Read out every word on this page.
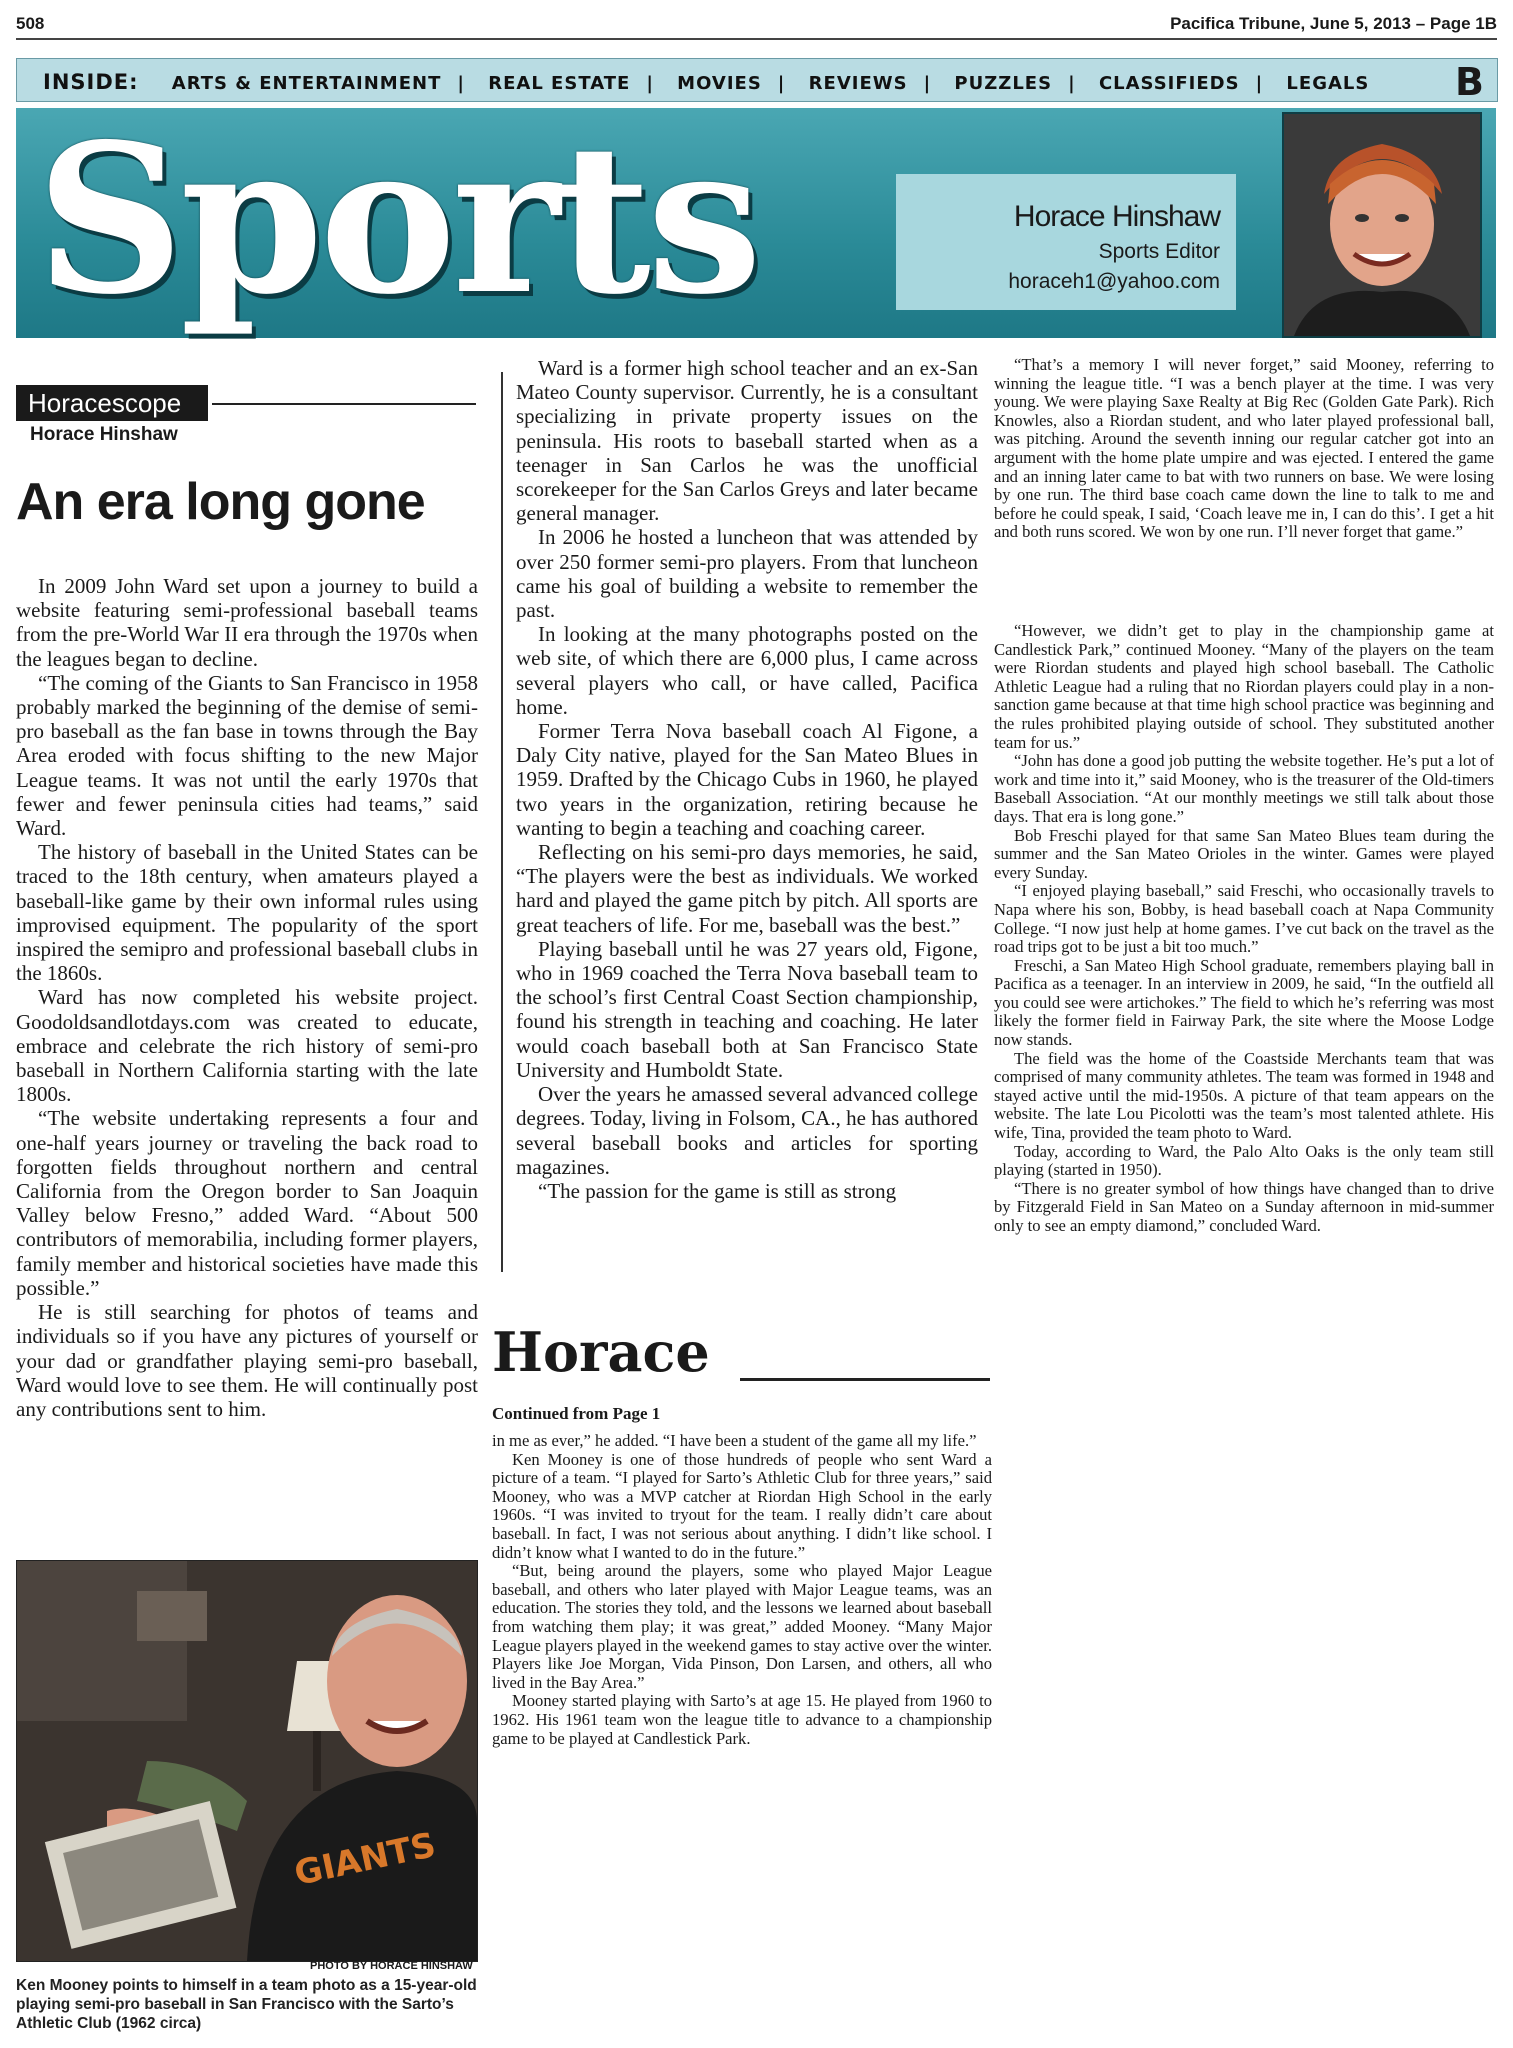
508	Pacifica Tribune, June 5, 2013 – Page 1B
INSIDE: ARTS & ENTERTAINMENT | REAL ESTATE | MOVIES | REVIEWS | PUZZLES | CLASSIFIEDS | LEGALS B
Sports	Horace Hinshaw
Sports Editor
horaceh1@yahoo.com
Horacescope
Horace Hinshaw
An era long gone

In 2009 John Ward set upon a journey to build a website featuring semi-professional baseball teams from the pre-World War II era through the 1970s when the leagues began to decline.

“The coming of the Giants to San Francisco in 1958 probably marked the beginning of the demise of semi-pro baseball as the fan base in towns through the Bay Area eroded with focus shifting to the new Major League teams. It was not until the early 1970s that fewer and fewer peninsula cities had teams,” said Ward.

The history of baseball in the United States can be traced to the 18th century, when amateurs played a baseball-like game by their own informal rules using improvised equipment. The popularity of the sport inspired the semipro and professional baseball clubs in the 1860s.

Ward has now completed his website project. Goodoldsandlotdays.com was created to educate, embrace and celebrate the rich history of semi-pro baseball in Northern California starting with the late 1800s.

“The website undertaking represents a four and one-half years journey or traveling the back road to forgotten fields throughout northern and central California from the Oregon border to San Joaquin Valley below Fresno,” added Ward. “About 500 contributors of memorabilia, including former players, family member and historical societies have made this possible.”

He is still searching for photos of teams and individuals so if you have any pictures of yourself or your dad or grandfather playing semi-pro baseball, Ward would love to see them. He will continually post any contributions sent to him.

Ward is a former high school teacher and an ex-San Mateo County supervisor. Currently, he is a consultant specializing in private property issues on the peninsula. His roots to baseball started when as a teenager in San Carlos he was the unofficial scorekeeper for the San Carlos Greys and later became general manager.

In 2006 he hosted a luncheon that was attended by over 250 former semi-pro players. From that luncheon came his goal of building a website to remember the past.

In looking at the many photographs posted on the web site, of which there are 6,000 plus, I came across several players who call, or have called, Pacifica home.

Former Terra Nova baseball coach Al Figone, a Daly City native, played for the San Mateo Blues in 1959. Drafted by the Chicago Cubs in 1960, he played two years in the organization, retiring because he wanting to begin a teaching and coaching career.

Reflecting on his semi-pro days memories, he said, “The players were the best as individuals. We worked hard and played the game pitch by pitch. All sports are great teachers of life. For me, baseball was the best.”

Playing baseball until he was 27 years old, Figone, who in 1969 coached the Terra Nova baseball team to the school’s first Central Coast Section championship, found his strength in teaching and coaching. He later would coach baseball both at San Francisco State University and Humboldt State.

Over the years he amassed several advanced college degrees. Today, living in Folsom, CA., he has authored several baseball books and articles for sporting magazines.

“The passion for the game is still as strong

Horace
Continued from Page 1

in me as ever,” he added. “I have been a student of the game all my life.”

Ken Mooney is one of those hundreds of people who sent Ward a picture of a team. “I played for Sarto’s Athletic Club for three years,” said Mooney, who was a MVP catcher at Riordan High School in the early 1960s. “I was invited to tryout for the team. I really didn’t care about baseball. In fact, I was not serious about anything. I didn’t like school. I didn’t know what I wanted to do in the future.”

“But, being around the players, some who played Major League baseball, and others who later played with Major League teams, was an education. The stories they told, and the lessons we learned about baseball from watching them play; it was great,” added Mooney. “Many Major League players played in the weekend games to stay active over the winter. Players like Joe Morgan, Vida Pinson, Don Larsen, and others, all who lived in the Bay Area.”

Mooney started playing with Sarto’s at age 15. He played from 1960 to 1962. His 1961 team won the league title to advance to a championship game to be played at Candlestick Park.

“That’s a memory I will never forget,” said Mooney, referring to winning the league title. “I was a bench player at the time. I was very young. We were playing Saxe Realty at Big Rec (Golden Gate Park). Rich Knowles, also a Riordan student, and who later played professional ball, was pitching. Around the seventh inning our regular catcher got into an argument with the home plate umpire and was ejected. I entered the game and an inning later came to bat with two runners on base. We were losing by one run. The third base coach came down the line to talk to me and before he could speak, I said, ‘Coach leave me in, I can do this’. I get a hit and both runs scored. We won by one run. I’ll never forget that game.”

“However, we didn’t get to play in the championship game at Candlestick Park,” continued Mooney. “Many of the players on the team were Riordan students and played high school baseball. The Catholic Athletic League had a ruling that no Riordan players could play in a non-sanction game because at that time high school practice was beginning and the rules prohibited playing outside of school. They substituted another team for us.”

“John has done a good job putting the website together. He’s put a lot of work and time into it,” said Mooney, who is the treasurer of the Old-timers Baseball Association. “At our monthly meetings we still talk about those days. That era is long gone.”

Bob Freschi played for that same San Mateo Blues team during the summer and the San Mateo Orioles in the winter. Games were played every Sunday.

“I enjoyed playing baseball,” said Freschi, who occasionally travels to Napa where his son, Bobby, is head baseball coach at Napa Community College. “I now just help at home games. I’ve cut back on the travel as the road trips got to be just a bit too much.”

Freschi, a San Mateo High School graduate, remembers playing ball in Pacifica as a teenager. In an interview in 2009, he said, “In the outfield all you could see were artichokes.” The field to which he’s referring was most likely the former field in Fairway Park, the site where the Moose Lodge now stands.

The field was the home of the Coastside Merchants team that was comprised of many community athletes. The team was formed in 1948 and stayed active until the mid-1950s. A picture of that team appears on the website. The late Lou Picolotti was the team’s most talented athlete. His wife, Tina, provided the team photo to Ward.

Today, according to Ward, the Palo Alto Oaks is the only team still playing (started in 1950).

“There is no greater symbol of how things have changed than to drive by Fitzgerald Field in San Mateo on a Sunday afternoon in mid-summer only to see an empty diamond,” concluded Ward.

GIANTS
PHOTO BY HORACE HINSHAW
Ken Mooney points to himself in a team photo as a 15-year-old playing semi-pro baseball in San Francisco with the Sarto’s Athletic Club (1962 circa)
